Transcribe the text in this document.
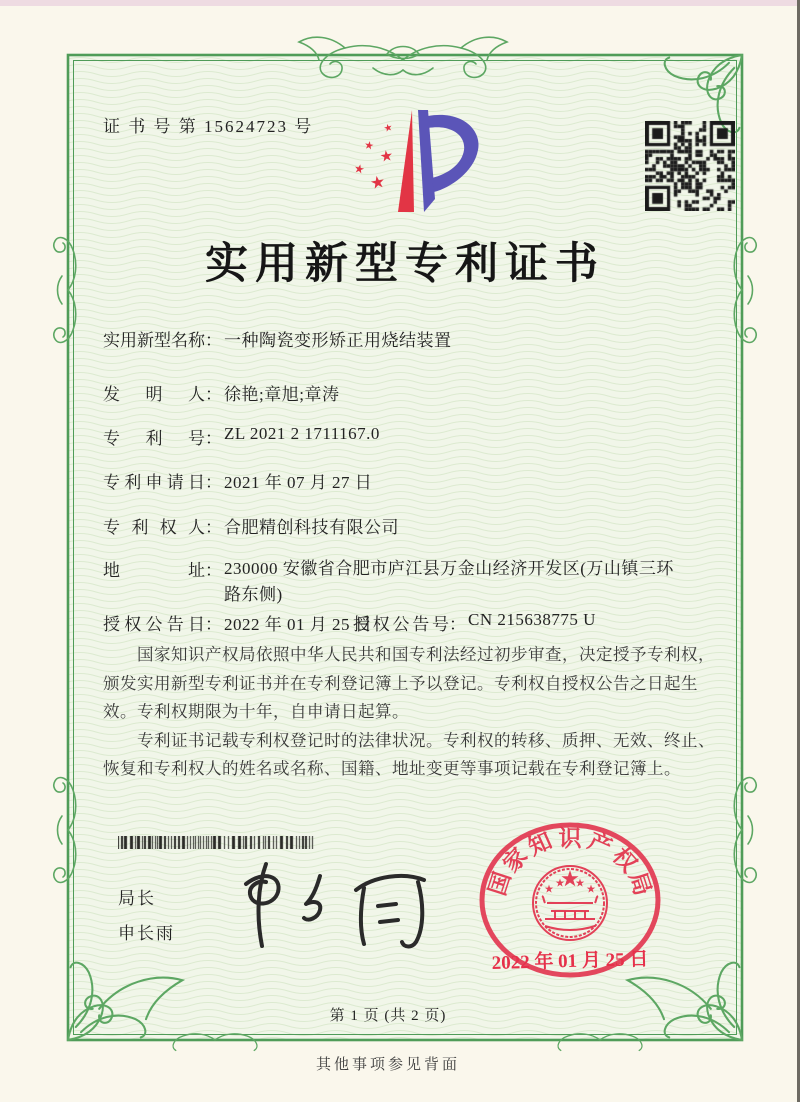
证 书 号 第 15624723 号	★
★
★
★
★
实用新型专利证书
实用新型名称： 一种陶瓷变形矫正用烧结装置
发明人： 徐艳;章旭;章涛
专利号： ZL 2021 2 1711167.0
专利申请日： 2021 年 07 月 27 日
专利权人： 合肥精创科技有限公司
地址： 230000 安徽省合肥市庐江县万金山经济开发区(万山镇三环路东侧)
授权公告日： 2022 年 01 月 25 日
授权公告号： CN 215638775 U

国家知识产权局依照中华人民共和国专利法经过初步审查，决定授予专利权，颁发实用新型专利证书并在专利登记簿上予以登记。专利权自授权公告之日起生效。专利权期限为十年，自申请日起算。

专利证书记载专利权登记时的法律状况。专利权的转移、质押、无效、终止、恢复和专利权人的姓名或名称、国籍、地址变更等事项记载在专利登记簿上。

局长
申长雨
国
家
知 识 产
权
局
2022 年 01 月 25 日
第 1 页 (共 2 页)
其他事项参见背面
